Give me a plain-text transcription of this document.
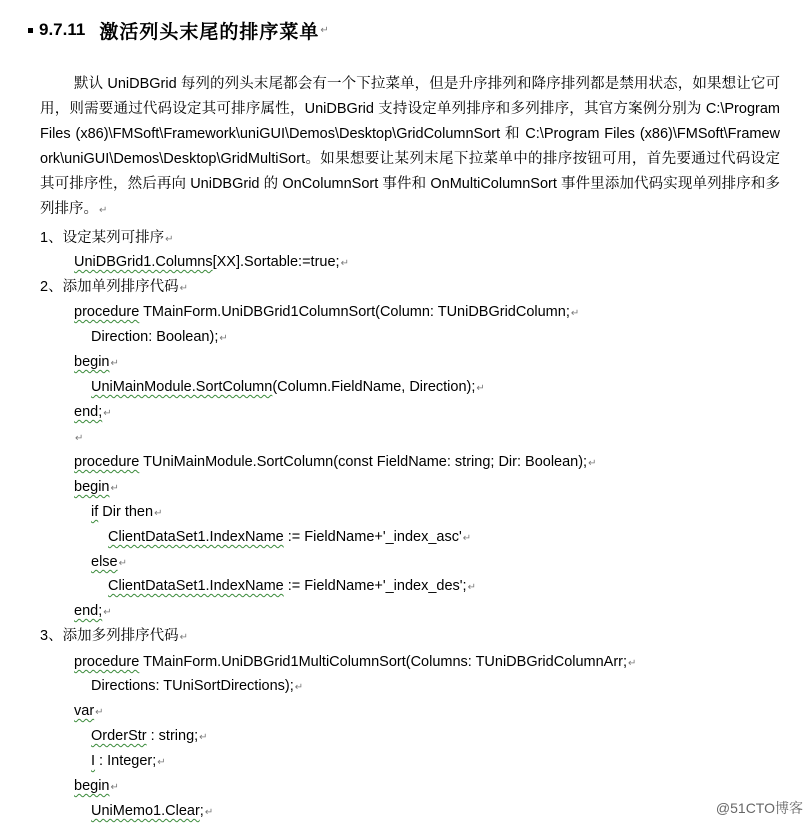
9.7.11 激活列头末尾的排序菜单 ↵

默认 UniDBGrid 每列的列头末尾都会有一个下拉菜单，但是升序排列和降序排列都是禁用状态，如果想让它可用，则需要通过代码设定其可排序属性，UniDBGrid 支持设定单列排序和多列排序，其官方案例分别为 C:\Program Files (x86)\FMSoft\Framework\uniGUI\Demos\Desktop\GridColumnSort 和 C:\Program Files (x86)\FMSoft\Framework\uniGUI\Demos\Desktop\GridMultiSort。如果想要让某列末尾下拉菜单中的排序按钮可用，首先要通过代码设定其可排序性，然后再向 UniDBGrid 的 OnColumnSort 事件和 OnMultiColumnSort 事件里添加代码实现单列排序和多列排序。↵

1、设定某列可排序↵
UniDBGrid1.Columns[XX].Sortable:=true;↵
2、添加单列排序代码↵
procedure TMainForm.UniDBGrid1ColumnSort(Column: TUniDBGridColumn;↵
Direction: Boolean);↵
begin↵
UniMainModule.SortColumn(Column.FieldName, Direction);↵
end;↵
↵
procedure TUniMainModule.SortColumn(const FieldName: string; Dir: Boolean);↵
begin↵
if Dir then↵
ClientDataSet1.IndexName := FieldName+'_index_asc'↵
else↵
ClientDataSet1.IndexName := FieldName+'_index_des';↵
end;↵
3、添加多列排序代码↵
procedure TMainForm.UniDBGrid1MultiColumnSort(Columns: TUniDBGridColumnArr;↵
Directions: TUniSortDirections);↵
var↵
OrderStr : string;↵
I : Integer;↵
begin↵
UniMemo1.Clear;↵	@51CTO博客
